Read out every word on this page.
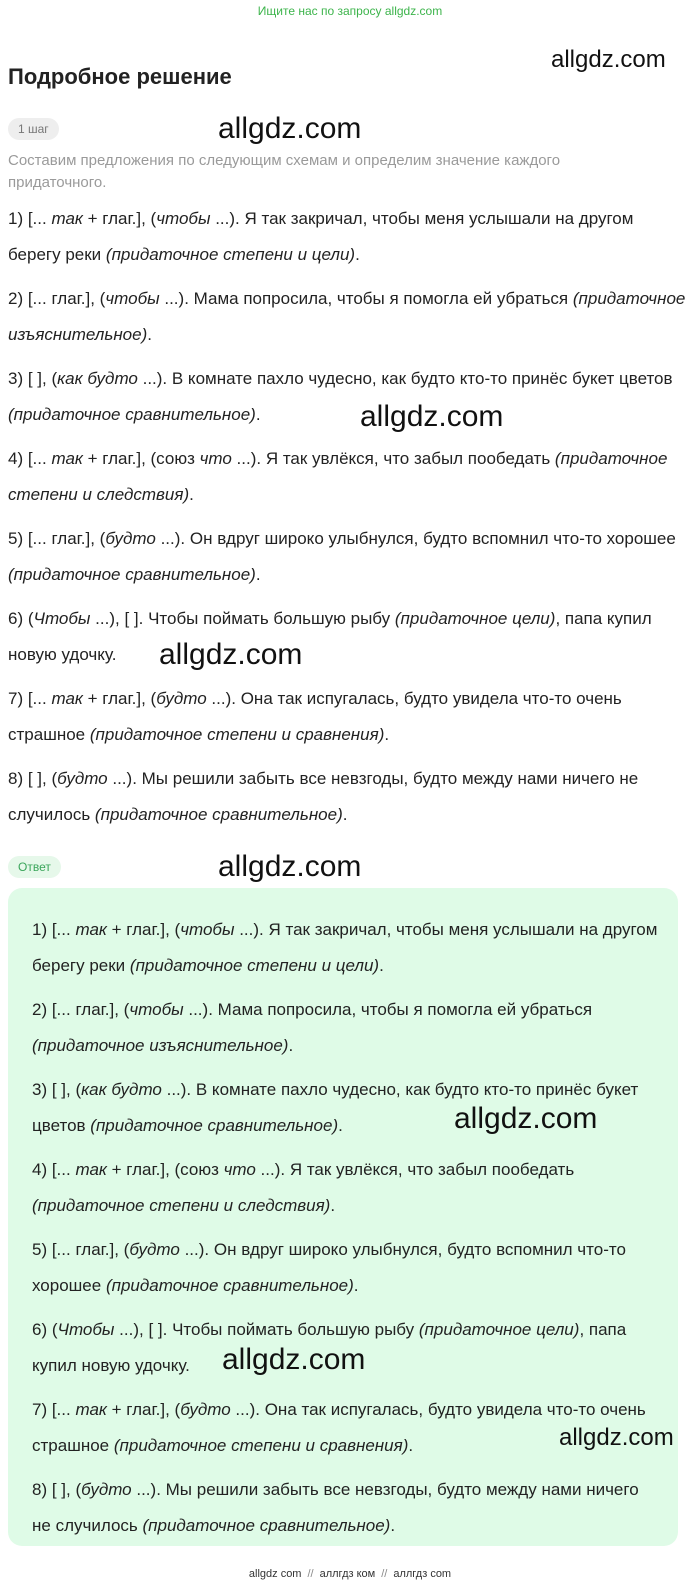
Ищите нас по запросу allgdz.com
Подробное решение
allgdz.com
1 шаг	allgdz.com
Составим предложения по следующим схемам и определим значение каждого придаточного.

1) [... так + глаг.], (чтобы ...). Я так закричал, чтобы меня услышали на другом берегу реки (придаточное степени и цели).

2) [... глаг.], (чтобы ...). Мама попросила, чтобы я помогла ей убраться (придаточное изъяснительное).

3) [ ], (как будто ...). В комнате пахло чудесно, как будто кто-то принёс букет цветов (придаточное сравнительное).

4) [... так + глаг.], (союз что ...). Я так увлёкся, что забыл пообедать (придаточное степени и следствия).

5) [... глаг.], (будто ...). Он вдруг широко улыбнулся, будто вспомнил что-то хорошее (придаточное сравнительное).

6) (Чтобы ...), [ ]. Чтобы поймать большую рыбу (придаточное цели), папа купил новую удочку.

7) [... так + глаг.], (будто ...). Она так испугалась, будто увидела что-то очень страшное (придаточное степени и сравнения).

8) [ ], (будто ...). Мы решили забыть все невзгоды, будто между нами ничего не случилось (придаточное сравнительное).

allgdz.com
allgdz.com
Ответ	allgdz.com

1) [... так + глаг.], (чтобы ...). Я так закричал, чтобы меня услышали на другом берегу реки (придаточное степени и цели).

2) [... глаг.], (чтобы ...). Мама попросила, чтобы я помогла ей убраться (придаточное изъяснительное).

3) [ ], (как будто ...). В комнате пахло чудесно, как будто кто-то принёс букет цветов (придаточное сравнительное).

4) [... так + глаг.], (союз что ...). Я так увлёкся, что забыл пообедать (придаточное степени и следствия).

5) [... глаг.], (будто ...). Он вдруг широко улыбнулся, будто вспомнил что-то хорошее (придаточное сравнительное).

6) (Чтобы ...), [ ]. Чтобы поймать большую рыбу (придаточное цели), папа купил новую удочку.

7) [... так + глаг.], (будто ...). Она так испугалась, будто увидела что-то очень страшное (придаточное степени и сравнения).

8) [ ], (будто ...). Мы решили забыть все невзгоды, будто между нами ничего не случилось (придаточное сравнительное).

allgdz.com
allgdz.com
allgdz.com
allgdz com // аллгдз ком // аллгдз com
